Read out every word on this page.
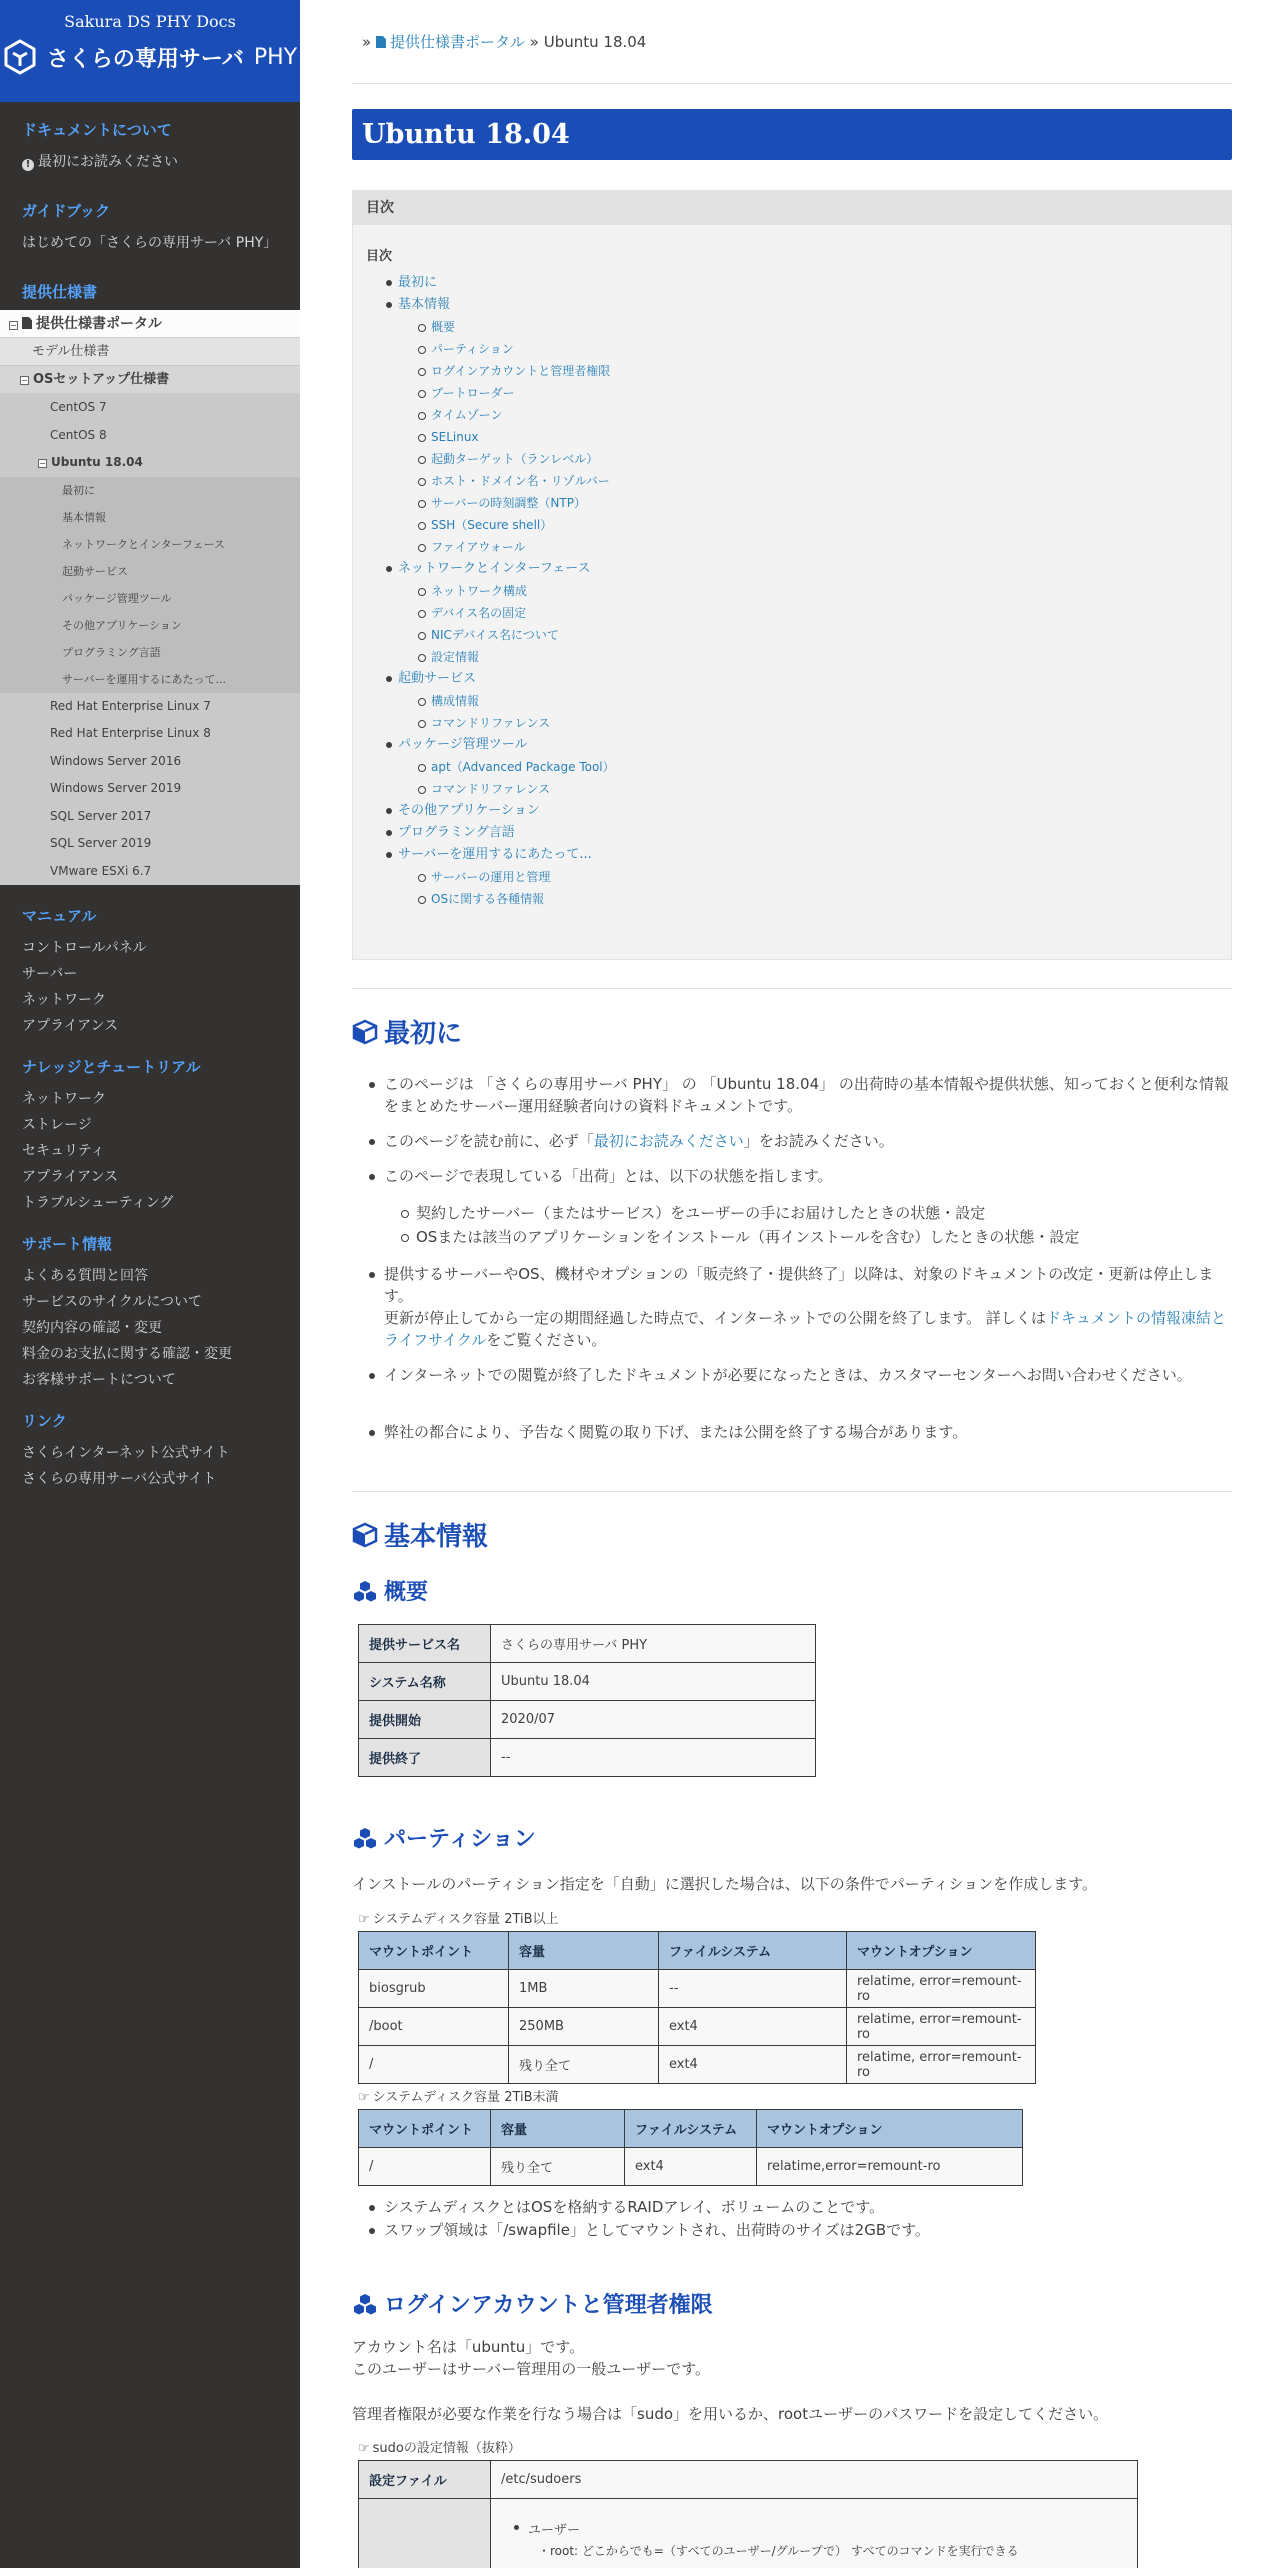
Sakura DS PHY Docs
さくらの専用サーバ PHY
ドキュメントについて
! 最初にお読みください
ガイドブック
はじめての「さくらの専用サーバ PHY」
提供仕様書
− 提供仕様書ポータル
モデル仕様書
− OSセットアップ仕様書
CentOS 7
CentOS 8
− Ubuntu 18.04
最初に
基本情報
ネットワークとインターフェース
起動サービス
パッケージ管理ツール
その他アプリケーション
プログラミング言語
サーバーを運用するにあたって...
Red Hat Enterprise Linux 7
Red Hat Enterprise Linux 8
Windows Server 2016
Windows Server 2019
SQL Server 2017
SQL Server 2019
VMware ESXi 6.7
マニュアル
コントロールパネル
サーバー
ネットワーク
アプライアンス
ナレッジとチュートリアル
ネットワーク
ストレージ
セキュリティ
アプライアンス
トラブルシューティング
サポート情報
よくある質問と回答
サービスのサイクルについて
契約内容の確認・変更
料金のお支払に関する確認・変更
お客様サポートについて
リンク
さくらインターネット公式サイト
さくらの専用サーバ公式サイト
» 提供仕様書ポータル » Ubuntu 18.04
Ubuntu 18.04
目次
目次
最初に
基本情報
概要
パーティション
ログインアカウントと管理者権限
ブートローダー
タイムゾーン
SELinux
起動ターゲット（ランレベル）
ホスト・ドメイン名・リゾルバー
サーバーの時刻調整（NTP）
SSH（Secure shell）
ファイアウォール
ネットワークとインターフェース
ネットワーク構成
デバイス名の固定
NICデバイス名について
設定情報
起動サービス
構成情報
コマンドリファレンス
パッケージ管理ツール
apt（Advanced Package Tool）
コマンドリファレンス
その他アプリケーション
プログラミング言語
サーバーを運用するにあたって...
サーバーの運用と管理
OSに関する各種情報
最初に
このページは 「さくらの専用サーバ PHY」 の 「Ubuntu 18.04」 の出荷時の基本情報や提供状態、知っておくと便利な情報をまとめたサーバー運用経験者向けの資料ドキュメントです。
このページを読む前に、必ず「最初にお読みください」をお読みください。
このページで表現している「出荷」とは、以下の状態を指します。
契約したサーバー（またはサービス）をユーザーの手にお届けしたときの状態・設定
OSまたは該当のアプリケーションをインストール（再インストールを含む）したときの状態・設定
提供するサーバーやOS、機材やオプションの「販売終了・提供終了」以降は、対象のドキュメントの改定・更新は停止します。
更新が停止してから一定の期間経過した時点で、インターネットでの公開を終了します。 詳しくはドキュメントの情報凍結とライフサイクルをご覧ください。
インターネットでの閲覧が終了したドキュメントが必要になったときは、カスタマーセンターへお問い合わせください。
弊社の都合により、予告なく閲覧の取り下げ、または公開を終了する場合があります。
基本情報
概要
提供サービス名	さくらの専用サーバ PHY
システム名称	Ubuntu 18.04
提供開始	2020/07
提供終了	--
パーティション
インストールのパーティション指定を「自動」に選択した場合は、以下の条件でパーティションを作成します。
☞ システムディスク容量 2TiB以上
マウントポイント	容量	ファイルシステム	マウントオプション
biosgrub	1MB	--	relatime, error=remount-ro
/boot	250MB	ext4	relatime, error=remount-ro
/	残り全て	ext4	relatime, error=remount-ro
☞ システムディスク容量 2TiB未満
マウントポイント	容量	ファイルシステム	マウントオプション
/	残り全て	ext4	relatime,error=remount-ro
システムディスクとはOSを格納するRAIDアレイ、ボリュームのことです。
スワップ領域は「/swapfile」としてマウントされ、出荷時のサイズは2GBです。
ログインアカウントと管理者権限
アカウント名は「ubuntu」です。
このユーザーはサーバー管理用の一般ユーザーです。
管理者権限が必要な作業を行なう場合は「sudo」を用いるか、rootユーザーのパスワードを設定してください。
☞ sudoの設定情報（抜粋）
設定ファイル	/etc/sudoers

ユーザー
・root: どこからでも=（すべてのユーザー/グループで） すべてのコマンドを実行できる
